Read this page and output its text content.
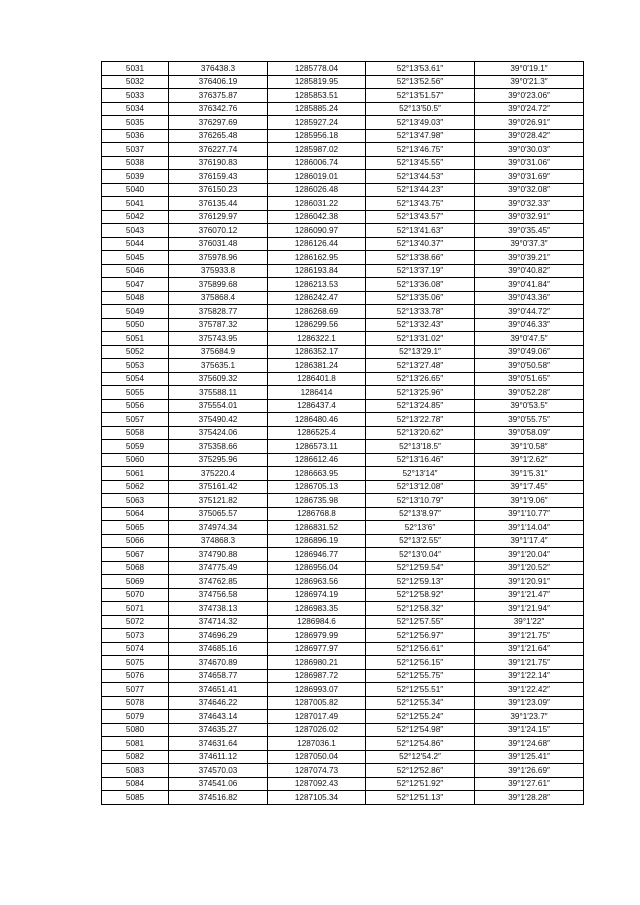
5031	376438.3	1285778.04	52°13′53.61″	39°0′19.1″
5032	376406.19	1285819.95	52°13′52.56″	39°0′21.3″
5033	376375.87	1285853.51	52°13′51.57″	39°0′23.06″
5034	376342.76	1285885.24	52°13′50.5″	39°0′24.72″
5035	376297.69	1285927.24	52°13′49.03″	39°0′26.91″
5036	376265.48	1285956.18	52°13′47.98″	39°0′28.42″
5037	376227.74	1285987.02	52°13′46.75″	39°0′30.03″
5038	376190.83	1286006.74	52°13′45.55″	39°0′31.06″
5039	376159.43	1286019.01	52°13′44.53″	39°0′31.69″
5040	376150.23	1286026.48	52°13′44.23″	39°0′32.08″
5041	376135.44	1286031.22	52°13′43.75″	39°0′32.33″
5042	376129.97	1286042.38	52°13′43.57″	39°0′32.91″
5043	376070.12	1286090.97	52°13′41.63″	39°0′35.45″
5044	376031.48	1286126.44	52°13′40.37″	39°0′37.3″
5045	375978.96	1286162.95	52°13′38.66″	39°0′39.21″
5046	375933.8	1286193.84	52°13′37.19″	39°0′40.82″
5047	375899.68	1286213.53	52°13′36.08″	39°0′41.84″
5048	375868.4	1286242.47	52°13′35.06″	39°0′43.36″
5049	375828.77	1286268.69	52°13′33.78″	39°0′44.72″
5050	375787.32	1286299.56	52°13′32.43″	39°0′46.33″
5051	375743.95	1286322.1	52°13′31.02″	39°0′47.5″
5052	375684.9	1286352.17	52°13′29.1″	39°0′49.06″
5053	375635.1	1286381.24	52°13′27.48″	39°0′50.58″
5054	375609.32	1286401.8	52°13′26.65″	39°0′51.65″
5055	375588.11	1286414	52°13′25.96″	39°0′52.28″
5056	375554.01	1286437.4	52°13′24.85″	39°0′53.5″
5057	375490.42	1286480.46	52°13′22.78″	39°0′55.75″
5058	375424.06	1286525.4	52°13′20.62″	39°0′58.09″
5059	375358.66	1286573.11	52°13′18.5″	39°1′0.58″
5060	375295.96	1286612.46	52°13′16.46″	39°1′2.62″
5061	375220.4	1286663.95	52°13′14″	39°1′5.31″
5062	375161.42	1286705.13	52°13′12.08″	39°1′7.45″
5063	375121.82	1286735.98	52°13′10.79″	39°1′9.06″
5064	375065.57	1286768.8	52°13′8.97″	39°1′10.77″
5065	374974.34	1286831.52	52°13′6″	39°1′14.04″
5066	374868.3	1286896.19	52°13′2.55″	39°1′17.4″
5067	374790.88	1286946.77	52°13′0.04″	39°1′20.04″
5068	374775.49	1286956.04	52°12′59.54″	39°1′20.52″
5069	374762.85	1286963.56	52°12′59.13″	39°1′20.91″
5070	374756.58	1286974.19	52°12′58.92″	39°1′21.47″
5071	374738.13	1286983.35	52°12′58.32″	39°1′21.94″
5072	374714.32	1286984.6	52°12′57.55″	39°1′22″
5073	374696.29	1286979.99	52°12′56.97″	39°1′21.75″
5074	374685.16	1286977.97	52°12′56.61″	39°1′21.64″
5075	374670.89	1286980.21	52°12′56.15″	39°1′21.75″
5076	374658.77	1286987.72	52°12′55.75″	39°1′22.14″
5077	374651.41	1286993.07	52°12′55.51″	39°1′22.42″
5078	374646.22	1287005.82	52°12′55.34″	39°1′23.09″
5079	374643.14	1287017.49	52°12′55.24″	39°1′23.7″
5080	374635.27	1287026.02	52°12′54.98″	39°1′24.15″
5081	374631.64	1287036.1	52°12′54.86″	39°1′24.68″
5082	374611.12	1287050.04	52°12′54.2″	39°1′25.41″
5083	374570.03	1287074.73	52°12′52.86″	39°1′26.69″
5084	374541.06	1287092.43	52°12′51.92″	39°1′27.61″
5085	374516.82	1287105.34	52°12′51.13″	39°1′28.28″
